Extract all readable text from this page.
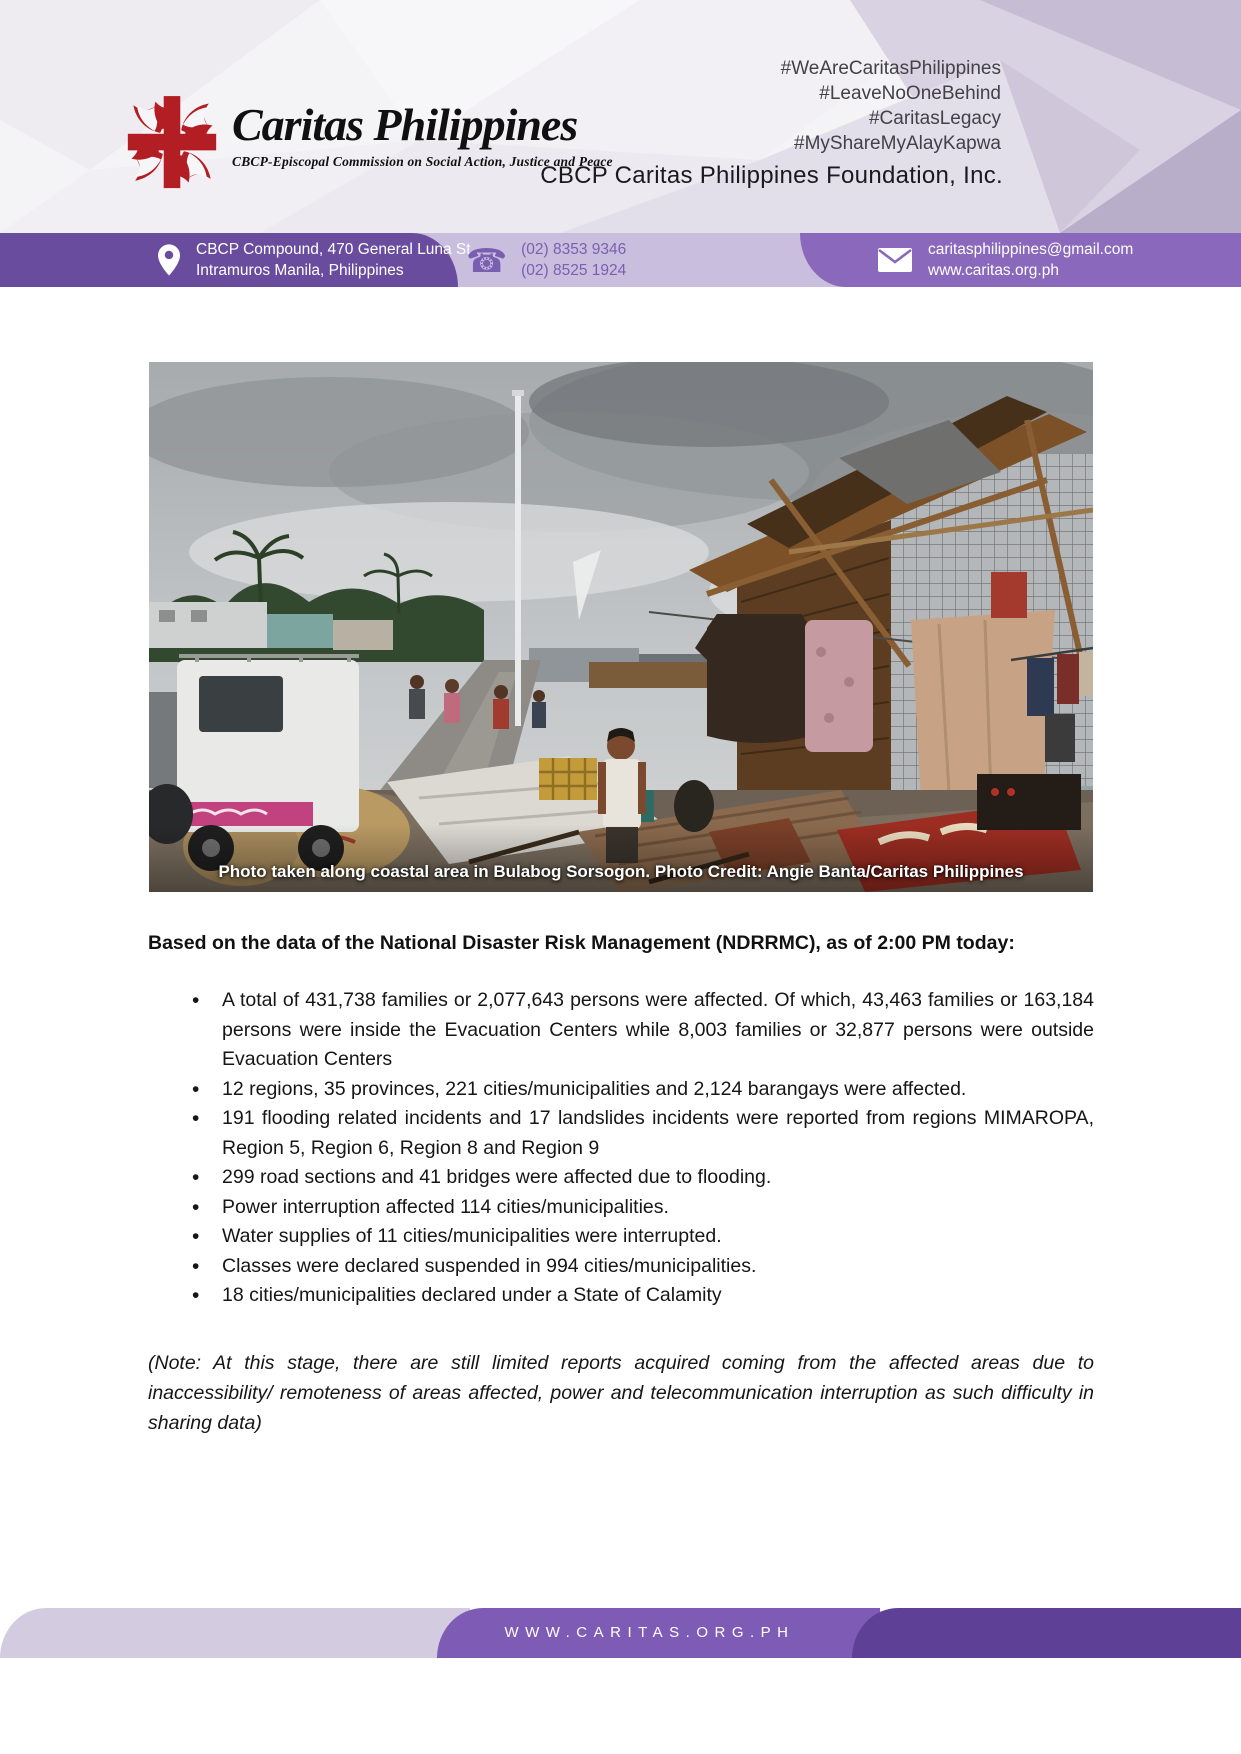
Caritas Philippines
CBCP-Episcopal Commission on Social Action, Justice and Peace
#WeAreCaritasPhilippines
#LeaveNoOneBehind
#CaritasLegacy
#MyShareMyAlayKapwa
CBCP Caritas Philippines Foundation, Inc.
CBCP Compound, 470 General Luna St.,
Intramuros Manila, Philippines	☎ (02) 8353 9346
(02) 8525 1924
caritasphilippines@gmail.com
www.caritas.org.ph
Photo taken along coastal area in Bulabog Sorsogon. Photo Credit: Angie Banta/Caritas Philippines
Based on the data of the National Disaster Risk Management (NDRRMC), as of 2:00 PM today:
• A total of 431,738 families or 2,077,643 persons were affected. Of which, 43,463 families or 163,184 persons were inside the Evacuation Centers while 8,003 families or 32,877 persons were outside Evacuation Centers
• 12 regions, 35 provinces, 221 cities/municipalities and 2,124 barangays were affected.
• 191 flooding related incidents and 17 landslides incidents were reported from regions MIMAROPA, Region 5, Region 6, Region 8 and Region 9
• 299 road sections and 41 bridges were affected due to flooding.
• Power interruption affected 114 cities/municipalities.
• Water supplies of 11 cities/municipalities were interrupted.
• Classes were declared suspended in 994 cities/municipalities.
• 18 cities/municipalities declared under a State of Calamity

(Note: At this stage, there are still limited reports acquired coming from the affected areas due to inaccessibility/ remoteness of areas affected, power and telecommunication interruption as such difficulty in sharing data)

WWW.CARITAS.ORG.PH
